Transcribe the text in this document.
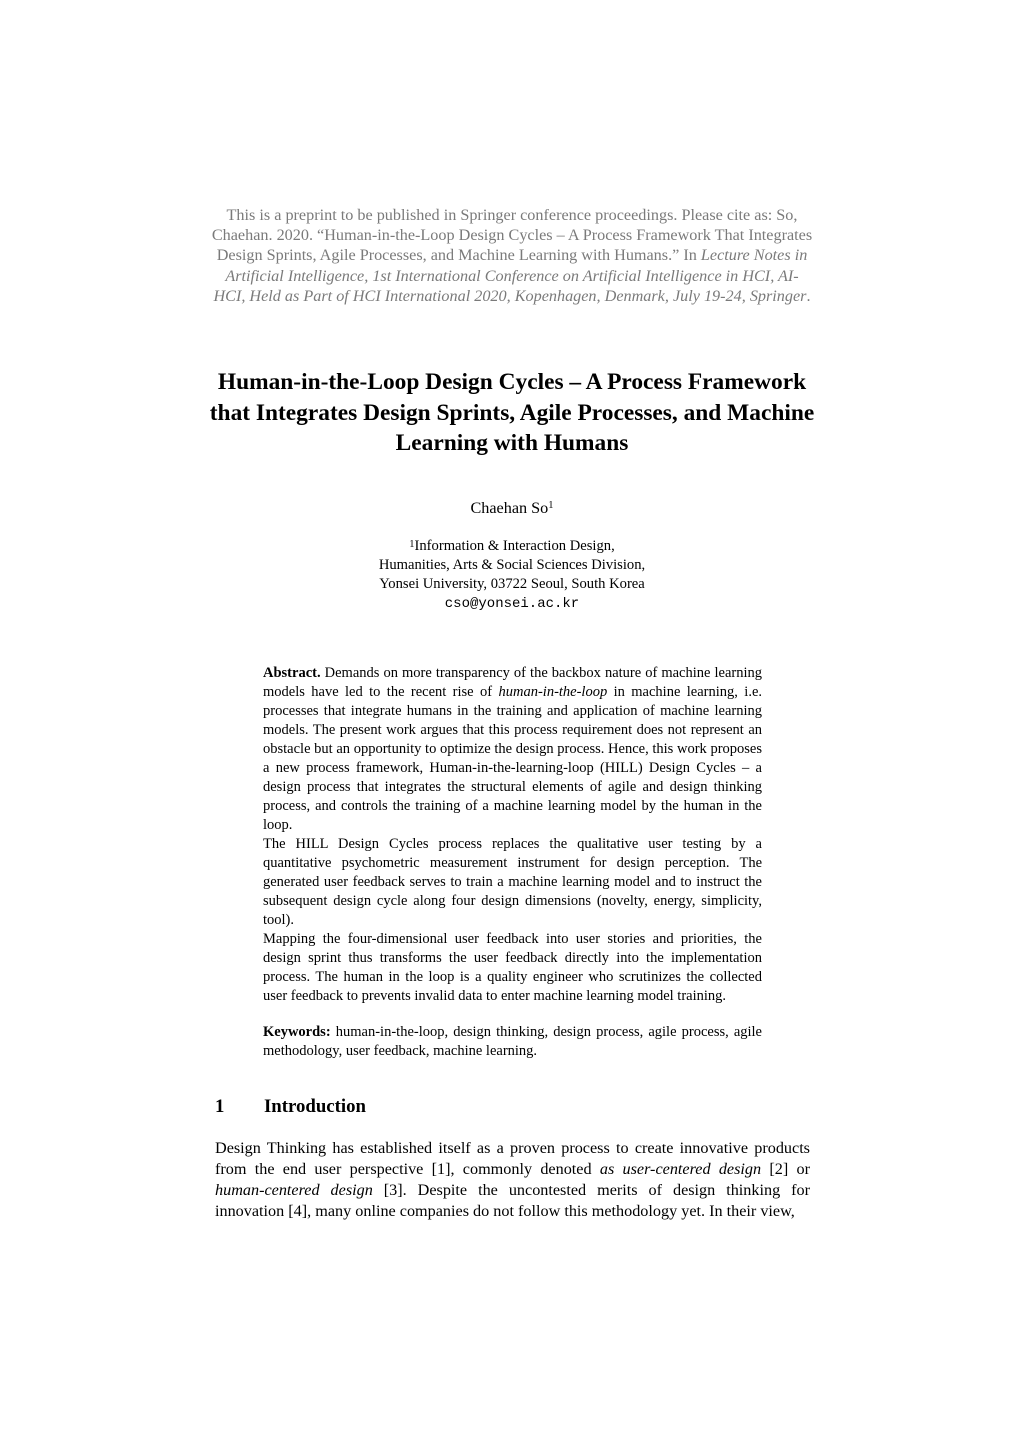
This is a preprint to be published in Springer conference proceedings. Please cite as: So, Chaehan. 2020. “Human-in-the-Loop Design Cycles – A Process Framework That Integrates Design Sprints, Agile Processes, and Machine Learning with Humans.” In Lecture Notes in Artificial Intelligence, 1st International Conference on Artificial Intelligence in HCI, AI-HCI, Held as Part of HCI International 2020, Kopenhagen, Denmark, July 19-24, Springer.
Human-in-the-Loop Design Cycles – A Process Framework that Integrates Design Sprints, Agile Processes, and Machine Learning with Humans
Chaehan So$^1$
$^1$Information & Interaction Design,
Humanities, Arts & Social Sciences Division,
Yonsei University, 03722 Seoul, South Korea
cso@yonsei.ac.kr

Abstract. Demands on more transparency of the backbox nature of machine learning models have led to the recent rise of human-in-the-loop in machine learning, i.e. processes that integrate humans in the training and application of machine learning models. The present work argues that this process requirement does not represent an obstacle but an opportunity to optimize the design process. Hence, this work proposes a new process framework, Human-in-the-learning-loop (HILL) Design Cycles – a design process that integrates the structural elements of agile and design thinking process, and controls the training of a machine learning model by the human in the loop.

The HILL Design Cycles process replaces the qualitative user testing by a quantitative psychometric measurement instrument for design perception. The generated user feedback serves to train a machine learning model and to instruct the subsequent design cycle along four design dimensions (novelty, energy, simplicity, tool).

Mapping the four-dimensional user feedback into user stories and priorities, the design sprint thus transforms the user feedback directly into the implementation process. The human in the loop is a quality engineer who scrutinizes the collected user feedback to prevents invalid data to enter machine learning model training.

Keywords: human-in-the-loop, design thinking, design process, agile process, agile methodology, user feedback, machine learning.
1 Introduction

Design Thinking has established itself as a proven process to create innovative products from the end user perspective [1], commonly denoted as user-centered design [2] or human-centered design [3]. Despite the uncontested merits of design thinking for innovation [4], many online companies do not follow this methodology yet. In their view,
